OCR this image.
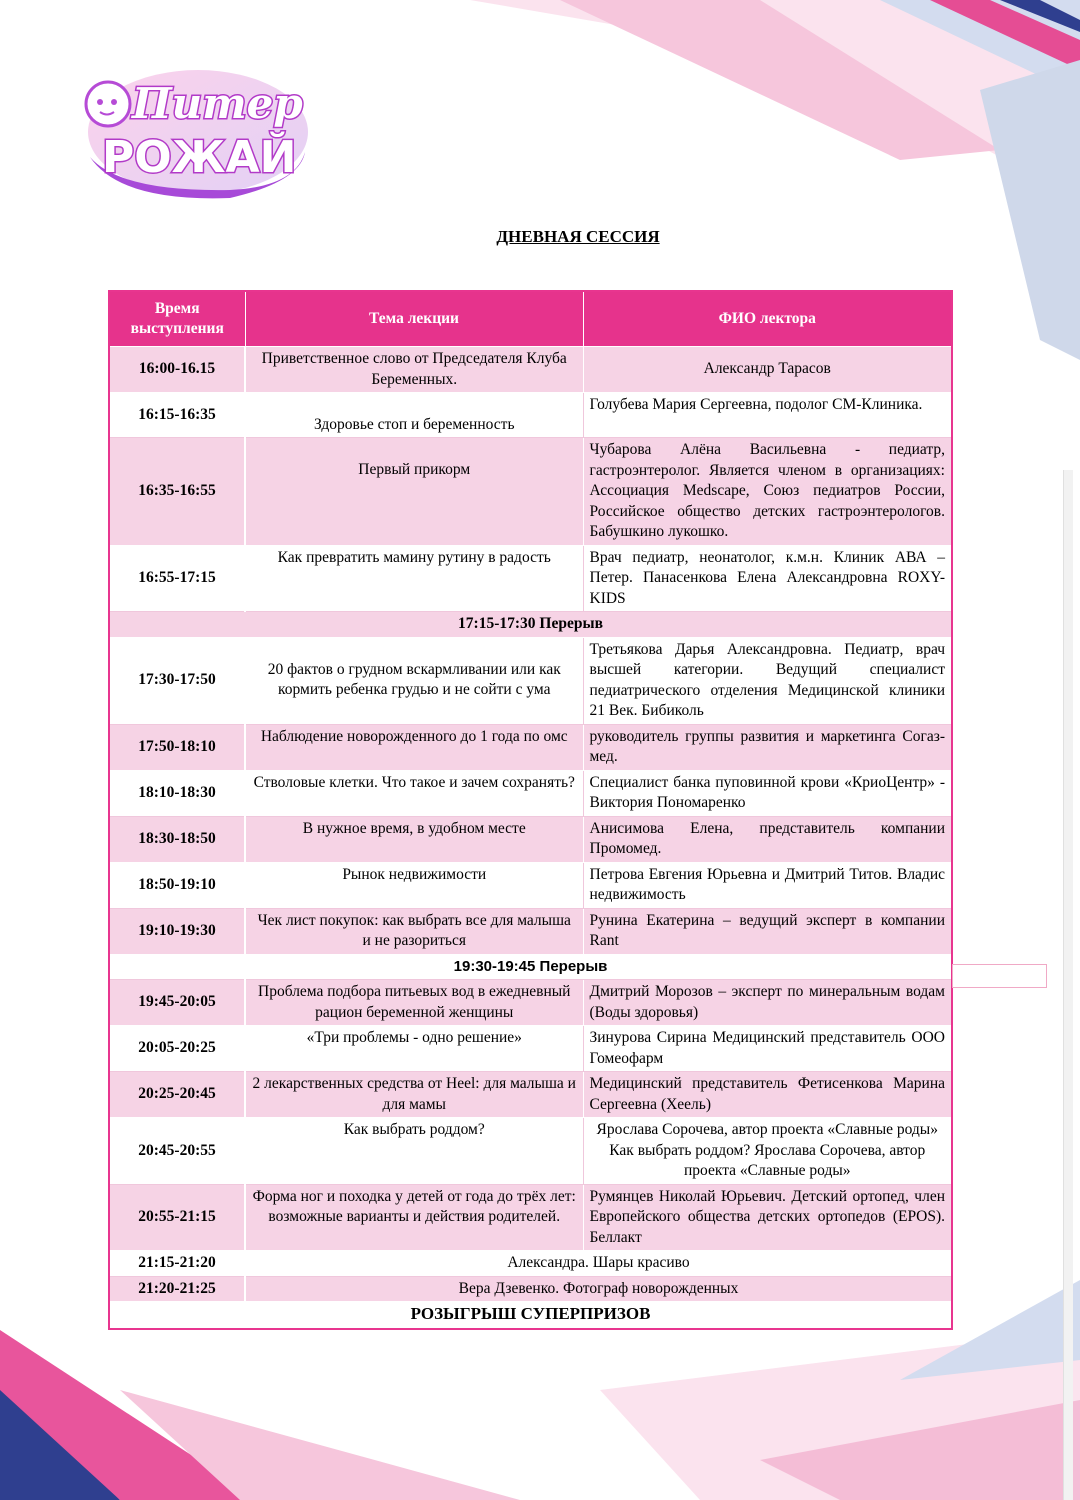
Питер
РОЖАЙ
ДНЕВНАЯ СЕССИЯ
Время выступления	Тема лекции	ФИО лектора
16:00-16.15	Приветственное слово от Председателя Клуба Беременных.	Александр Тарасов
16:15-16:35	Здоровье стоп и беременность	Голубева Мария Сергеевна, подолог СМ-Клиника.
16:35-16:55	Первый прикорм	Чубарова Алёна Васильевна - педиатр, гастроэнтеролог. Является членом в организациях: Ассоциация Medscape, Союз педиатров России, Российское общество детских гастроэнтерологов. Бабушкино лукошко.
16:55-17:15	Как превратить мамину рутину в радость	Врач педиатр, неонатолог, к.м.н. Клиник АВА –Петер. Панасенкова Елена Александровна ROXY-KIDS
17:15-17:30 Перерыв		
17:30-17:50	20 фактов о грудном вскармливании или как кормить ребенка грудью и не сойти с ума	Третьякова Дарья Александровна. Педиатр, врач высшей категории. Ведущий специалист педиатрического отделения Медицинской клиники 21 Век. Бибиколь
17:50-18:10	Наблюдение новорожденного до 1 года по омс	руководитель группы развития и маркетинга Согаз-мед.
18:10-18:30	Стволовые клетки. Что такое и зачем сохранять?	Специалист банка пуповинной крови «КриоЦентр» - Виктория Пономаренко
18:30-18:50	В нужное время, в удобном месте	Анисимова Елена, представитель компании Промомед.
18:50-19:10	Рынок недвижимости	Петрова Евгения Юрьевна и Дмитрий Титов. Владис недвижимость
19:10-19:30	Чек лист покупок: как выбрать все для малыша и не разориться	Рунина Екатерина – ведущий эксперт в компании Rant
19:30-19:45 Перерыв		
19:45-20:05	Проблема подбора питьевых вод в ежедневный рацион беременной женщины	Дмитрий Морозов – эксперт по минеральным водам (Воды здоровья)
20:05-20:25	«Три проблемы - одно решение»	Зинурова Сирина Медицинский представитель ООО Гомеофарм
20:25-20:45	2 лекарственных средства от Heel: для малыша и для мамы	Медицинский представитель Фетисенкова Марина Сергеевна (Хеель)
20:45-20:55	Как выбрать роддом?	Ярослава Сорочева, автор проекта «Славные роды» Как выбрать роддом? Ярослава Сорочева, автор проекта «Славные роды»
20:55-21:15	Форма ног и походка у детей от года до трёх лет: возможные варианты и действия родителей.	Румянцев Николай Юрьевич. Детский ортопед, член Европейского общества детских ортопедов (EPOS). Беллакт
21:15-21:20	Александра. Шары красиво	
21:20-21:25	Вера Дзевенко. Фотограф новорожденных	
РОЗЫГРЫШ СУПЕРПРИЗОВ		
